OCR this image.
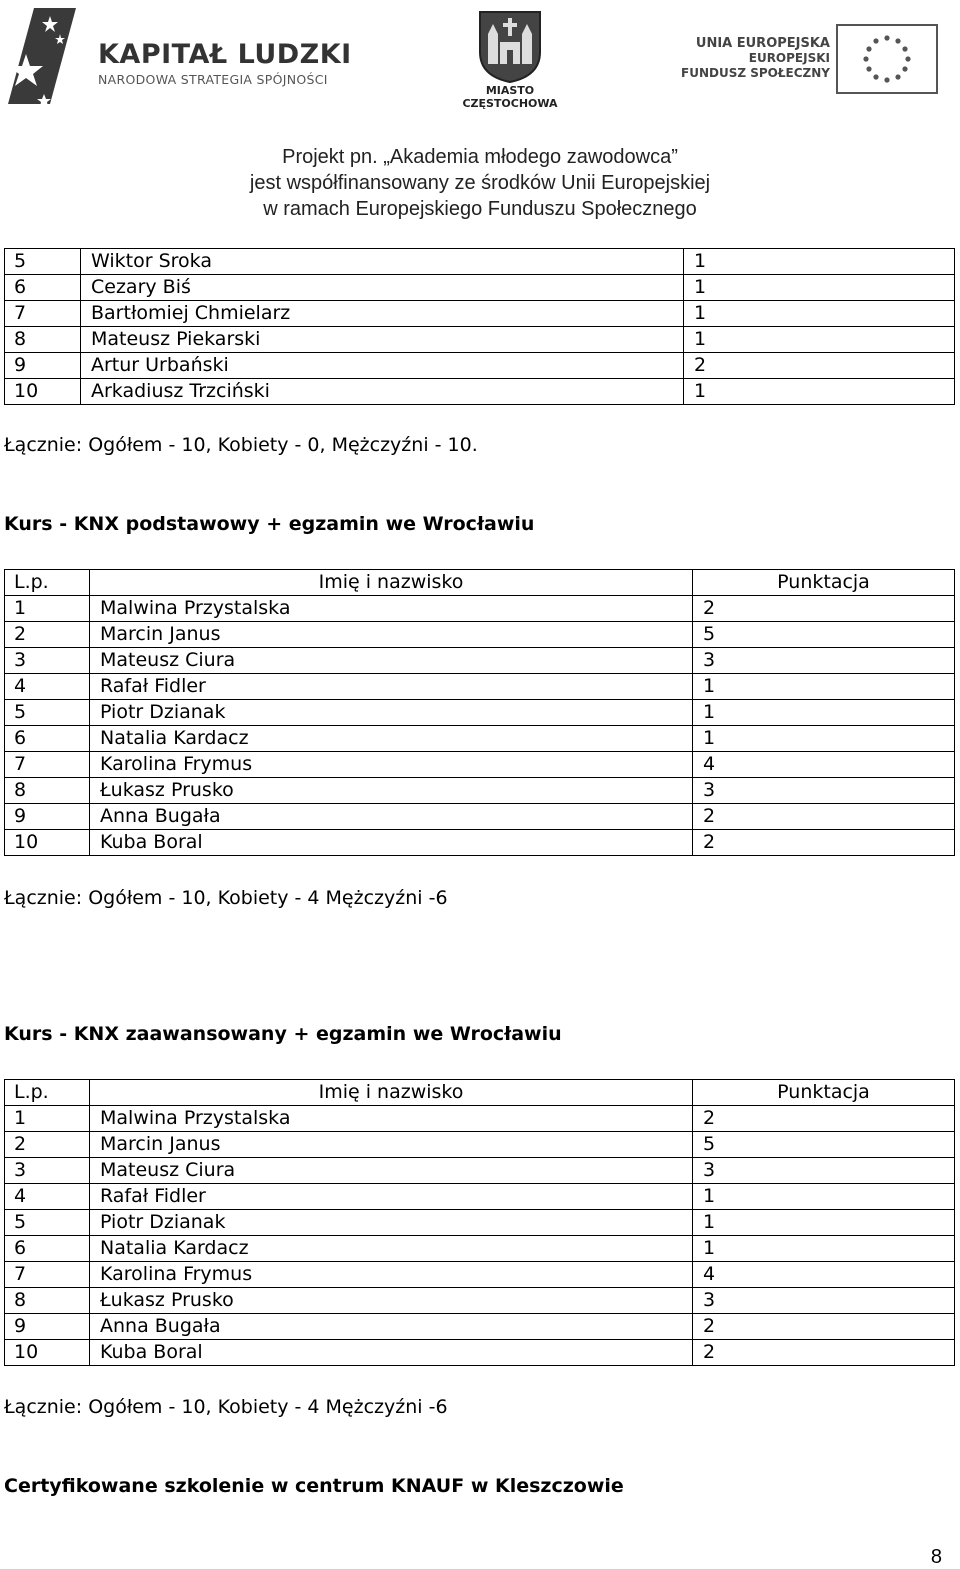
KAPITAŁ LUDZKI
NARODOWA STRATEGIA SPÓJNOŚCI
MIASTO
CZĘSTOCHOWA
UNIA EUROPEJSKA
EUROPEJSKI
FUNDUSZ SPOŁECZNY
Projekt pn. „Akademia młodego zawodowca”
jest współfinansowany ze środków Unii Europejskiej
w ramach Europejskiego Funduszu Społecznego
5	Wiktor Sroka	1
6	Cezary Biś	1
7	Bartłomiej Chmielarz	1
8	Mateusz Piekarski	1
9	Artur Urbański	2
10	Arkadiusz Trzciński	1
Łącznie: Ogółem - 10, Kobiety - 0, Mężczyźni - 10.
Kurs - KNX podstawowy + egzamin we Wrocławiu
L.p.	Imię i nazwisko	Punktacja
1	Malwina Przystalska	2
2	Marcin Janus	5
3	Mateusz Ciura	3
4	Rafał Fidler	1
5	Piotr Dzianak	1
6	Natalia Kardacz	1
7	Karolina Frymus	4
8	Łukasz Prusko	3
9	Anna Bugała	2
10	Kuba Boral	2
Łącznie: Ogółem - 10, Kobiety - 4 Mężczyźni -6
Kurs - KNX zaawansowany + egzamin we Wrocławiu
L.p.	Imię i nazwisko	Punktacja
1	Malwina Przystalska	2
2	Marcin Janus	5
3	Mateusz Ciura	3
4	Rafał Fidler	1
5	Piotr Dzianak	1
6	Natalia Kardacz	1
7	Karolina Frymus	4
8	Łukasz Prusko	3
9	Anna Bugała	2
10	Kuba Boral	2
Łącznie: Ogółem - 10, Kobiety - 4 Mężczyźni -6
Certyfikowane szkolenie w centrum KNAUF w Kleszczowie
8
